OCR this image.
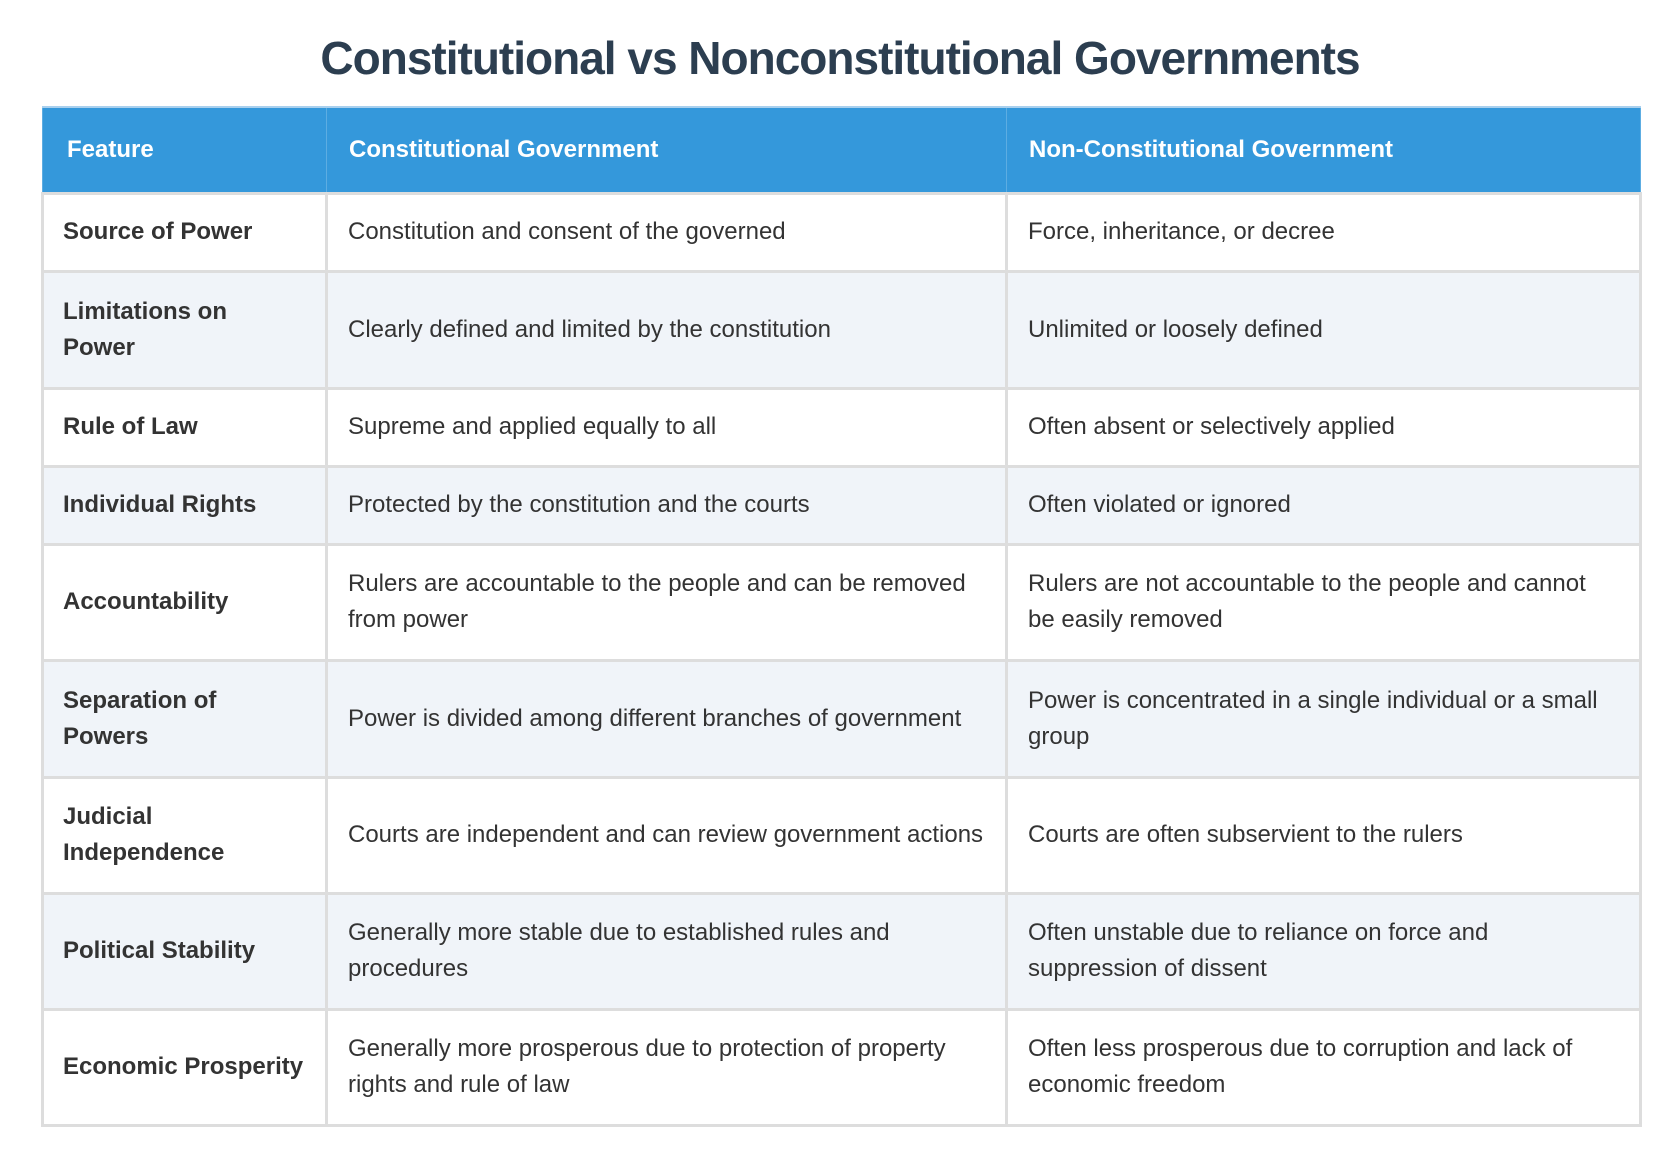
Constitutional vs Nonconstitutional Governments
Feature	Constitutional Government	Non-Constitutional Government
Source of Power	Constitution and consent of the governed	Force, inheritance, or decree
Limitations on Power	Clearly defined and limited by the constitution	Unlimited or loosely defined
Rule of Law	Supreme and applied equally to all	Often absent or selectively applied
Individual Rights	Protected by the constitution and the courts	Often violated or ignored
Accountability	Rulers are accountable to the people and can be removed from power	Rulers are not accountable to the people and cannot be easily removed
Separation of Powers	Power is divided among different branches of government	Power is concentrated in a single individual or a small group
Judicial Independence	Courts are independent and can review government actions	Courts are often subservient to the rulers
Political Stability	Generally more stable due to established rules and procedures	Often unstable due to reliance on force and suppression of dissent
Economic Prosperity	Generally more prosperous due to protection of property rights and rule of law	Often less prosperous due to corruption and lack of economic freedom
